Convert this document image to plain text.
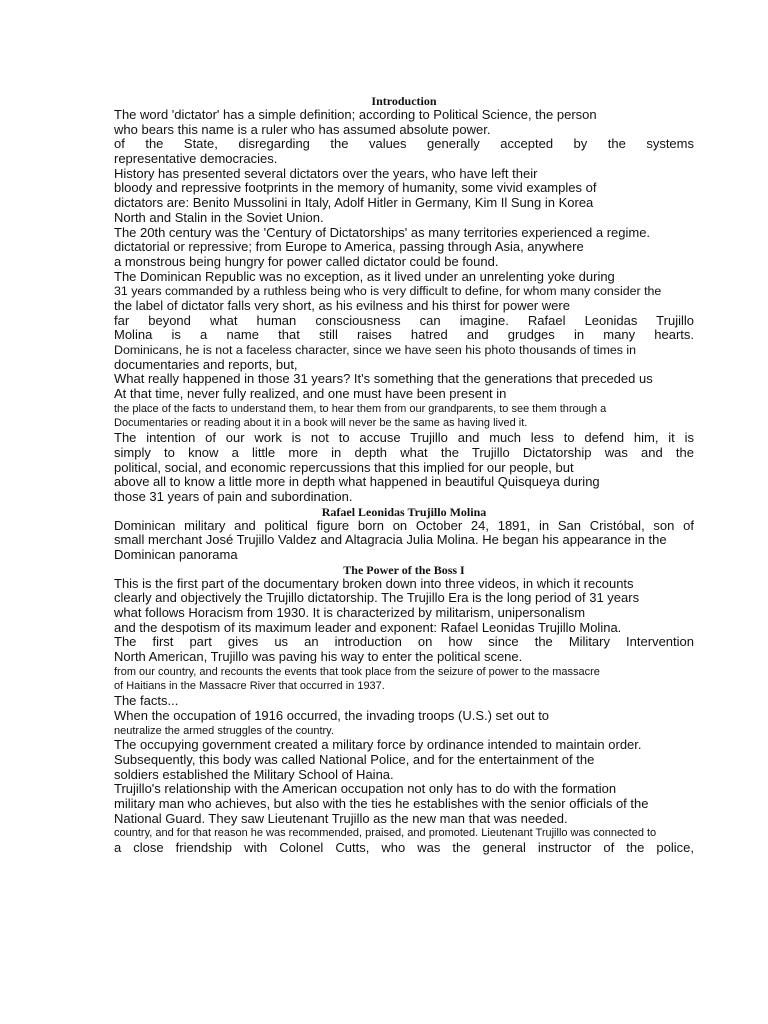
Introduction
The word 'dictator' has a simple definition; according to Political Science, the person
who bears this name is a ruler who has assumed absolute power.
of the State, disregarding the values generally accepted by the systems
representative democracies.
History has presented several dictators over the years, who have left their
bloody and repressive footprints in the memory of humanity, some vivid examples of
dictators are: Benito Mussolini in Italy, Adolf Hitler in Germany, Kim Il Sung in Korea
North and Stalin in the Soviet Union.
The 20th century was the 'Century of Dictatorships' as many territories experienced a regime.
dictatorial or repressive; from Europe to America, passing through Asia, anywhere
a monstrous being hungry for power called dictator could be found.
The Dominican Republic was no exception, as it lived under an unrelenting yoke during
31 years commanded by a ruthless being who is very difficult to define, for whom many consider the
the label of dictator falls very short, as his evilness and his thirst for power were
far beyond what human consciousness can imagine. Rafael Leonidas Trujillo
Molina is a name that still raises hatred and grudges in many hearts.
Dominicans, he is not a faceless character, since we have seen his photo thousands of times in
documentaries and reports, but,
What really happened in those 31 years? It's something that the generations that preceded us
At that time, never fully realized, and one must have been present in
the place of the facts to understand them, to hear them from our grandparents, to see them through a
Documentaries or reading about it in a book will never be the same as having lived it.
The intention of our work is not to accuse Trujillo and much less to defend him, it is
simply to know a little more in depth what the Trujillo Dictatorship was and the
political, social, and economic repercussions that this implied for our people, but
above all to know a little more in depth what happened in beautiful Quisqueya during
those 31 years of pain and subordination.
Rafael Leonidas Trujillo Molina
Dominican military and political figure born on October 24, 1891, in San Cristóbal, son of
small merchant José Trujillo Valdez and Altagracia Julia Molina. He began his appearance in the
Dominican panorama
The Power of the Boss I
This is the first part of the documentary broken down into three videos, in which it recounts
clearly and objectively the Trujillo dictatorship. The Trujillo Era is the long period of 31 years
what follows Horacism from 1930. It is characterized by militarism, unipersonalism
and the despotism of its maximum leader and exponent: Rafael Leonidas Trujillo Molina.
The first part gives us an introduction on how since the Military Intervention
North American, Trujillo was paving his way to enter the political scene.
from our country, and recounts the events that took place from the seizure of power to the massacre
of Haitians in the Massacre River that occurred in 1937.
The facts...
When the occupation of 1916 occurred, the invading troops (U.S.) set out to
neutralize the armed struggles of the country.
The occupying government created a military force by ordinance intended to maintain order.
Subsequently, this body was called National Police, and for the entertainment of the
soldiers established the Military School of Haina.
Trujillo's relationship with the American occupation not only has to do with the formation
military man who achieves, but also with the ties he establishes with the senior officials of the
National Guard. They saw Lieutenant Trujillo as the new man that was needed.
country, and for that reason he was recommended, praised, and promoted. Lieutenant Trujillo was connected to
a close friendship with Colonel Cutts, who was the general instructor of the police,
